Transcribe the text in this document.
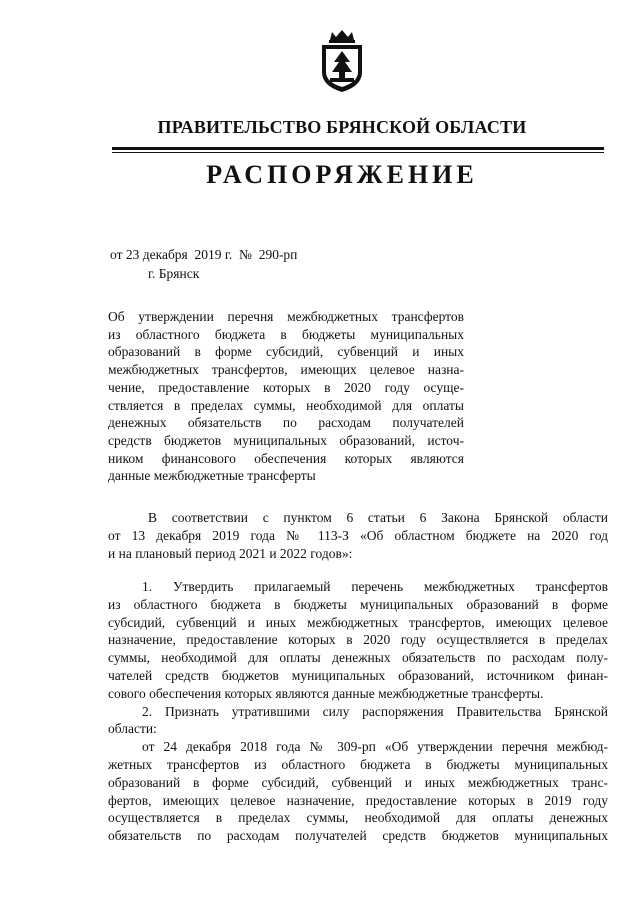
ПРАВИТЕЛЬСТВО БРЯНСКОЙ ОБЛАСТИ
РАСПОРЯЖЕНИЕ
от 23 декабря  2019 г. № 290-рп
г. Брянск
Об утверждении перечня межбюджетных трансфертов
из областного бюджета в бюджеты муниципальных
образований в форме субсидий, субвенций и иных
межбюджетных трансфертов, имеющих целевое назна-
чение, предоставление которых в 2020 году осуще-
ствляется в пределах суммы, необходимой для оплаты
денежных обязательств по расходам получателей
средств бюджетов муниципальных образований, источ-
ником финансового обеспечения которых являются
данные межбюджетные трансферты
В соответствии с пунктом 6 статьи 6 Закона Брянской области
от 13 декабря 2019 года № 113-З «Об областном бюджете на 2020 год
и на плановый период 2021 и 2022 годов»:
1. Утвердить прилагаемый перечень межбюджетных трансфертов
из областного бюджета в бюджеты муниципальных образований в форме
субсидий, субвенций и иных межбюджетных трансфертов, имеющих целевое
назначение, предоставление которых в 2020 году осуществляется в пределах
суммы, необходимой для оплаты денежных обязательств по расходам полу-
чателей средств бюджетов муниципальных образований, источником финан-
сового обеспечения которых являются данные межбюджетные трансферты.
2. Признать утратившими силу распоряжения Правительства Брянской
области:
от 24 декабря 2018 года № 309-рп «Об утверждении перечня межбюд-
жетных трансфертов из областного бюджета в бюджеты муниципальных
образований в форме субсидий, субвенций и иных межбюджетных транс-
фертов, имеющих целевое назначение, предоставление которых в 2019 году
осуществляется в пределах суммы, необходимой для оплаты денежных
обязательств по расходам получателей средств бюджетов муниципальных
